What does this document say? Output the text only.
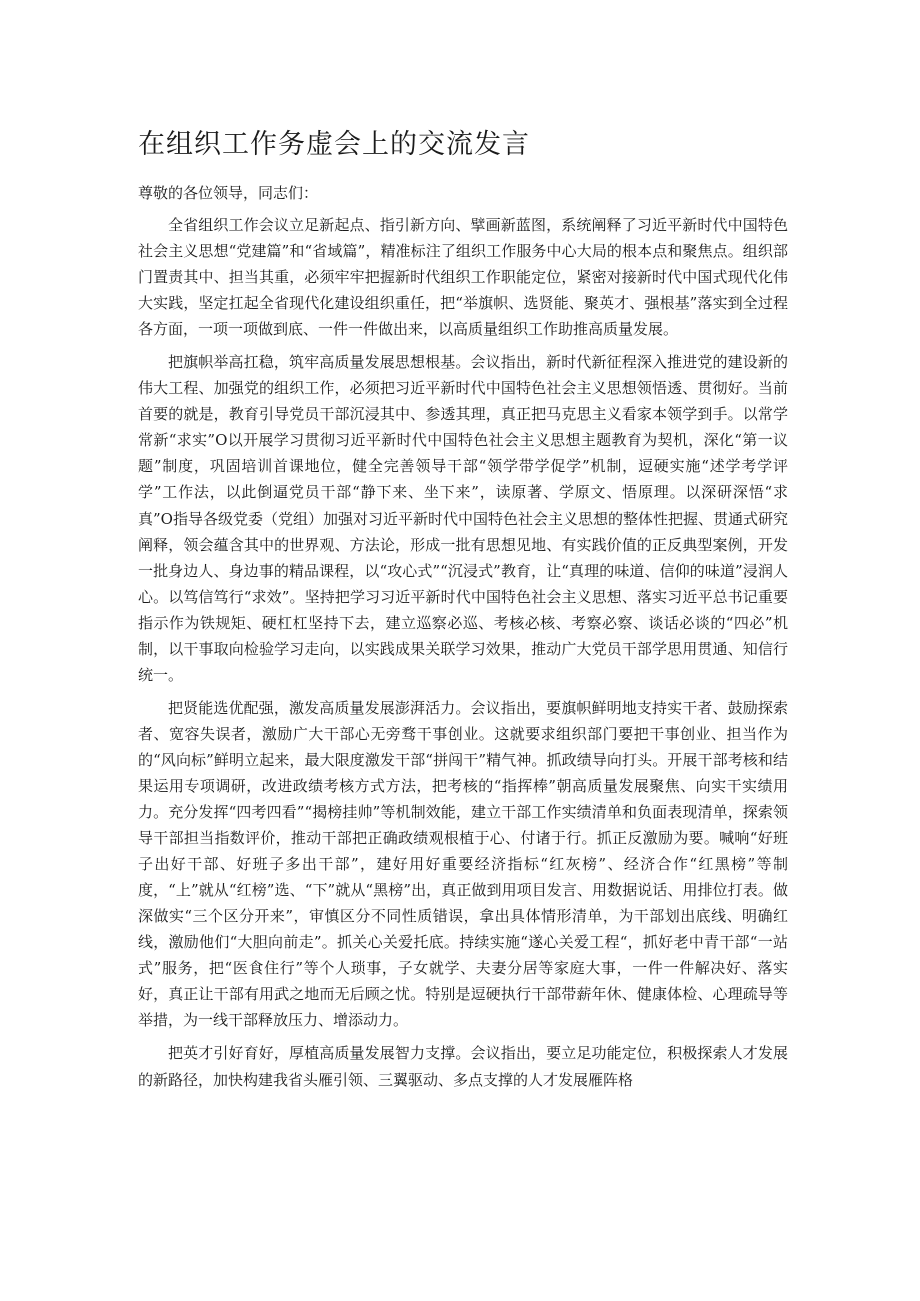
在组织工作务虚会上的交流发言

尊敬的各位领导，同志们：

全省组织工作会议立足新起点、指引新方向、擘画新蓝图，系统阐释了习近平新时代中国特色社会主义思想“党建篇”和“省域篇”，精准标注了组织工作服务中心大局的根本点和聚焦点。组织部门置责其中、担当其重，必须牢牢把握新时代组织工作职能定位，紧密对接新时代中国式现代化伟大实践，坚定扛起全省现代化建设组织重任，把“举旗帜、选贤能、聚英才、强根基”落实到全过程各方面，一项一项做到底、一件一件做出来，以高质量组织工作助推高质量发展。

把旗帜举高扛稳，筑牢高质量发展思想根基。会议指出，新时代新征程深入推进党的建设新的伟大工程、加强党的组织工作，必须把习近平新时代中国特色社会主义思想领悟透、贯彻好。当前首要的就是，教育引导党员干部沉浸其中、参透其理，真正把马克思主义看家本领学到手。以常学常新“求实”O以开展学习贯彻习近平新时代中国特色社会主义思想主题教育为契机，深化“第一议题”制度，巩固培训首课地位，健全完善领导干部“领学带学促学”机制，逗硬实施“述学考学评学”工作法，以此倒逼党员干部“静下来、坐下来”，读原著、学原文、悟原理。以深研深悟“求真”O指导各级党委（党组）加强对习近平新时代中国特色社会主义思想的整体性把握、贯通式研究阐释，领会蕴含其中的世界观、方法论，形成一批有思想见地、有实践价值的正反典型案例，开发一批身边人、身边事的精品课程，以“攻心式”“沉浸式”教育，让“真理的味道、信仰的味道”浸润人心。以笃信笃行“求效”。坚持把学习习近平新时代中国特色社会主义思想、落实习近平总书记重要指示作为铁规矩、硬杠杠坚持下去，建立巡察必巡、考核必核、考察必察、谈话必谈的“四必”机制，以干事取向检验学习走向，以实践成果关联学习效果，推动广大党员干部学思用贯通、知信行统一。

把贤能选优配强，激发高质量发展澎湃活力。会议指出，要旗帜鲜明地支持实干者、鼓励探索者、宽容失误者，激励广大干部心无旁骛干事创业。这就要求组织部门要把干事创业、担当作为的“风向标”鲜明立起来，最大限度激发干部“拼闯干”精气神。抓政绩导向打头。开展干部考核和结果运用专项调研，改进政绩考核方式方法，把考核的“指挥棒”朝高质量发展聚焦、向实干实绩用力。充分发挥“四考四看”“揭榜挂帅”等机制效能，建立干部工作实绩清单和负面表现清单，探索领导干部担当指数评价，推动干部把正确政绩观根植于心、付诸于行。抓正反激励为要。喊响“好班子出好干部、好班子多出干部”，建好用好重要经济指标“红灰榜”、经济合作“红黑榜”等制度，“上”就从“红榜”选、“下”就从“黑榜”出，真正做到用项目发言、用数据说话、用排位打表。做深做实“三个区分开来”，审慎区分不同性质错误，拿出具体情形清单，为干部划出底线、明确红线，激励他们“大胆向前走”。抓关心关爱托底。持续实施“遂心关爱工程“，抓好老中青干部“一站式”服务，把“医食住行”等个人琐事，子女就学、夫妻分居等家庭大事，一件一件解决好、落实好，真正让干部有用武之地而无后顾之忧。特别是逗硬执行干部带薪年休、健康体检、心理疏导等举措，为一线干部释放压力、增添动力。

把英才引好育好，厚植高质量发展智力支撑。会议指出，要立足功能定位，积极探索人才发展的新路径，加快构建我省头雁引领、三翼驱动、多点支撑的人才发展雁阵格
